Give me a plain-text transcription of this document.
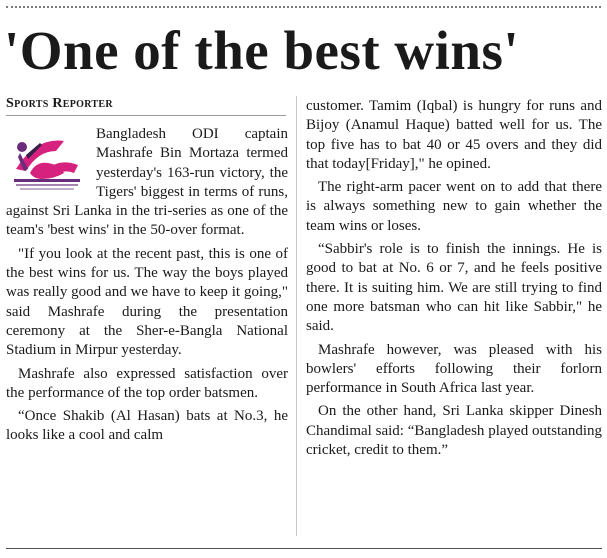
'One of the best wins'
Sports Reporter

Bangladesh ODI captain Mashrafe Bin Mortaza termed yesterday's 163-run victory, the Tigers' biggest in terms of runs, against Sri Lanka in the tri-series as one of the team's 'best wins' in the 50-over format.

"If you look at the recent past, this is one of the best wins for us. The way the boys played was really good and we have to keep it going," said Mashrafe during the presentation ceremony at the Sher-e-Bangla National Stadium in Mirpur yesterday.

Mashrafe also expressed satisfaction over the performance of the top order batsmen.

“Once Shakib (Al Hasan) bats at No.3, he looks like a cool and calm

customer. Tamim (Iqbal) is hungry for runs and Bijoy (Anamul Haque) batted well for us. The top five has to bat 40 or 45 overs and they did that today[Friday]," he opined.

The right-arm pacer went on to add that there is always something new to gain whether the team wins or loses.

“Sabbir's role is to finish the innings. He is good to bat at No. 6 or 7, and he feels positive there. It is suiting him. We are still trying to find one more batsman who can hit like Sabbir," he said.

Mashrafe however, was pleased with his bowlers' efforts following their forlorn performance in South Africa last year.

On the other hand, Sri Lanka skipper Dinesh Chandimal said: “Bangladesh played outstanding cricket, credit to them.”
